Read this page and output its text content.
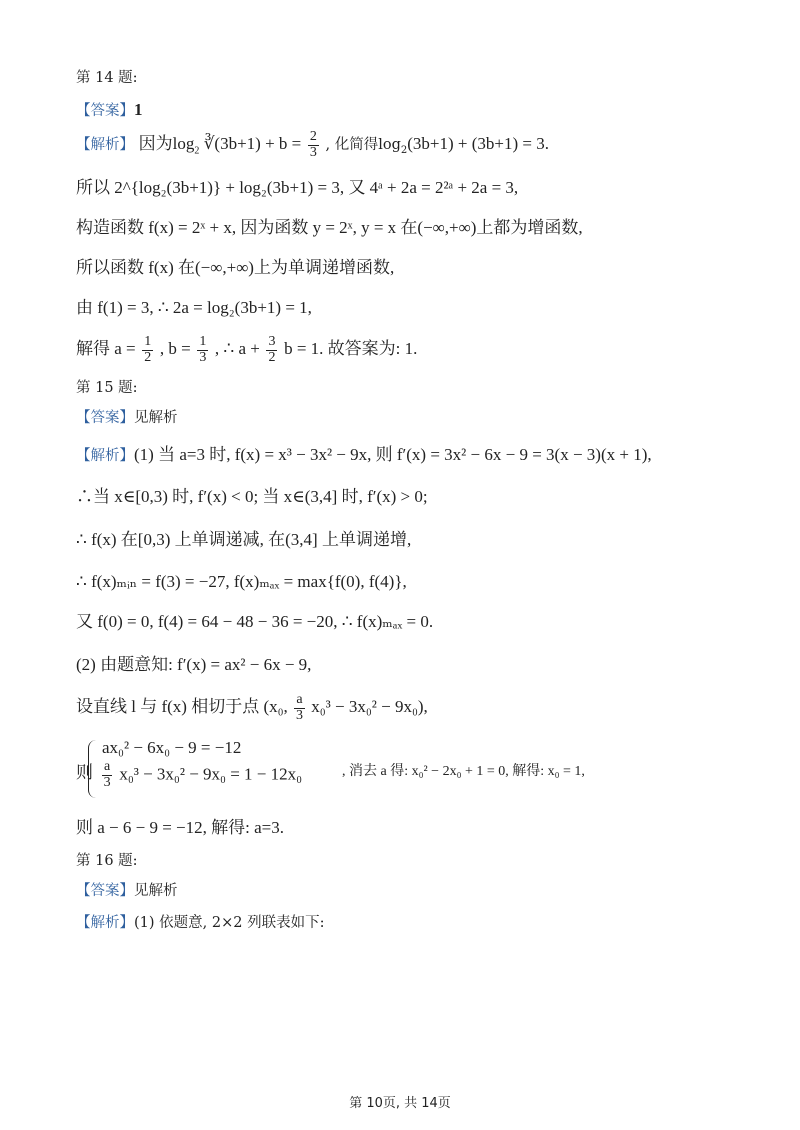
第 14 题:
【答案】1
【解析】 因为$\log_2$ ∛(3b+1) + $b = \frac{2}{3}$ , 化简得$\log_2(3b+1) + (3b+1) = 3$.
所以 2^{log₂(3b+1)} + log₂(3b+1) = 3, 又 4ᵃ + 2a = 2²ᵃ + 2a = 3,
构造函数 f(x) = 2ˣ + x, 因为函数 y = 2ˣ, y = x 在(−∞,+∞)上都为增函数,
所以函数 f(x) 在(−∞,+∞)上为单调递增函数,
由 f(1) = 3, ∴ 2a = log₂(3b+1) = 1,
解得 $a = \frac{1}{2}$ , $b = \frac{1}{3}$ , ∴ $a + \frac{3}{2}$ b = 1. 故答案为: 1.
第 15 题:
【答案】见解析
【解析】(1) 当 a=3 时, f(x) = x³ − 3x² − 9x, 则 f′(x) = 3x² − 6x − 9 = 3(x − 3)(x + 1),
∴当 x∈[0,3) 时, f′(x) < 0; 当 x∈(3,4] 时, f′(x) > 0;
∴ f(x) 在[0,3) 上单调递减, 在(3,4] 上单调递增,
∴ f(x)ₘᵢₙ = f(3) = −27, f(x)ₘₐₓ = max{f(0), f(4)},
又 f(0) = 0, f(4) = 64 − 48 − 36 = −20, ∴ f(x)ₘₐₓ = 0.
(2) 由题意知: f′(x) = ax² − 6x − 9,
设直线 l 与 f(x) 相切于点 (x₀, $\frac{a}{3} x_0^3 - 3x_0^2 - 9x_0$),
则
ax₀² − 6x₀ − 9 = −12
$\frac{a}{3} x_0^3 - 3x_0^2 - 9x_0 = 1 - 12x_0$	, 消去 a 得: x₀² − 2x₀ + 1 = 0, 解得: x₀ = 1,
则 a − 6 − 9 = −12, 解得: a=3.
第 16 题:
【答案】见解析
【解析】(1) 依题意, 2×2 列联表如下:
第 10页, 共 14页
